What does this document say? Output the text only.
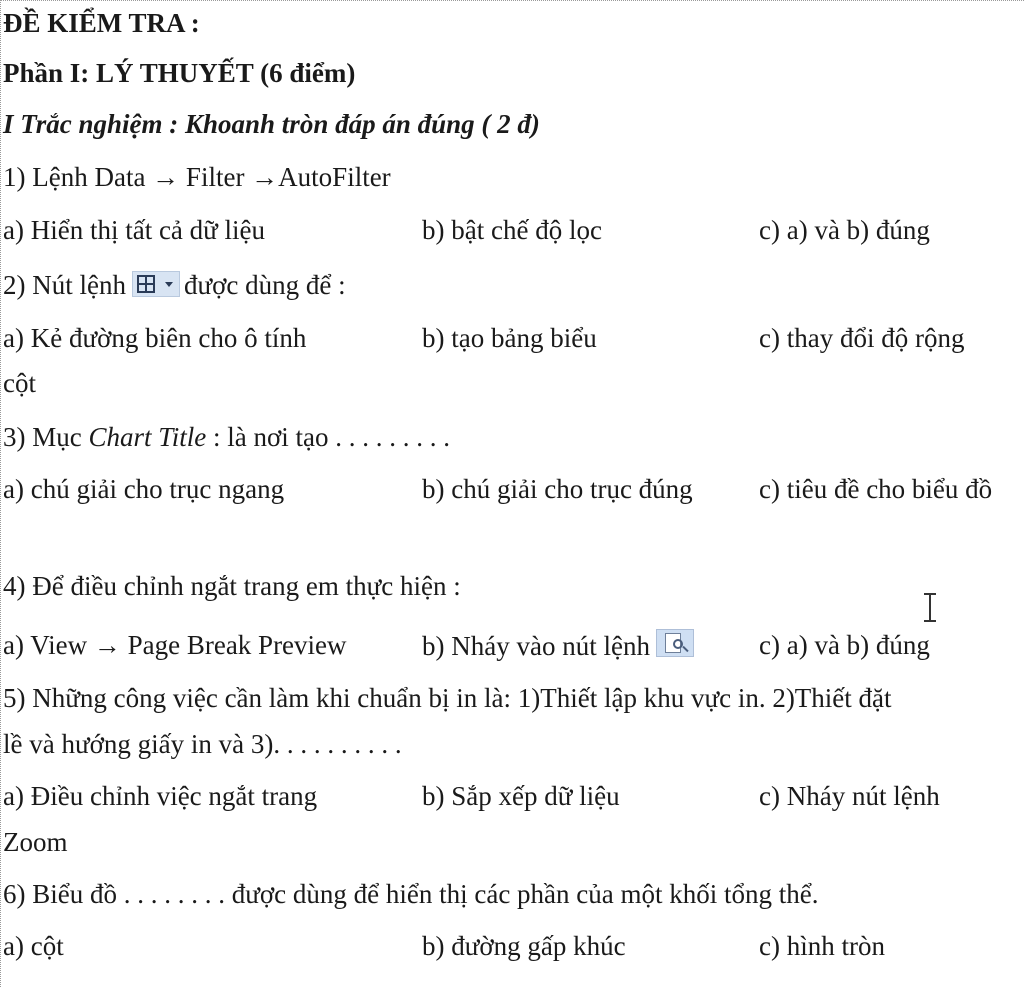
ĐỀ KIỂM TRA :
Phần I: LÝ THUYẾT (6 điểm)
I Trắc nghiệm : Khoanh tròn đáp án đúng ( 2 đ)
1) Lệnh Data → Filter →AutoFilter
a) Hiển thị tất cả dữ liệu	b) bật chế độ lọc	c) a) và b) đúng
2) Nút lệnh được dùng để :
a) Kẻ đường biên cho ô tính	b) tạo bảng biểu	c) thay đổi độ rộng
cột
3) Mục Chart Title : là nơi tạo . . . . . . . . .
a) chú giải cho trục ngang	b) chú giải cho trục đúng c) tiêu đề cho biểu đồ
4) Để điều chỉnh ngắt trang em thực hiện :
a) View → Page Break Preview	b) Nháy vào nút lệnh	c) a) và b) đúng
5) Những công việc cần làm khi chuẩn bị in là: 1)Thiết lập khu vực in. 2)Thiết đặt
lề và hướng giấy in và 3). . . . . . . . . .
a) Điều chỉnh việc ngắt trang	b) Sắp xếp dữ liệu	c) Nháy nút lệnh
Zoom
6) Biểu đồ . . . . . . . . được dùng để hiển thị các phần của một khối tổng thể.
a) cột	b) đường gấp khúc	c) hình tròn
